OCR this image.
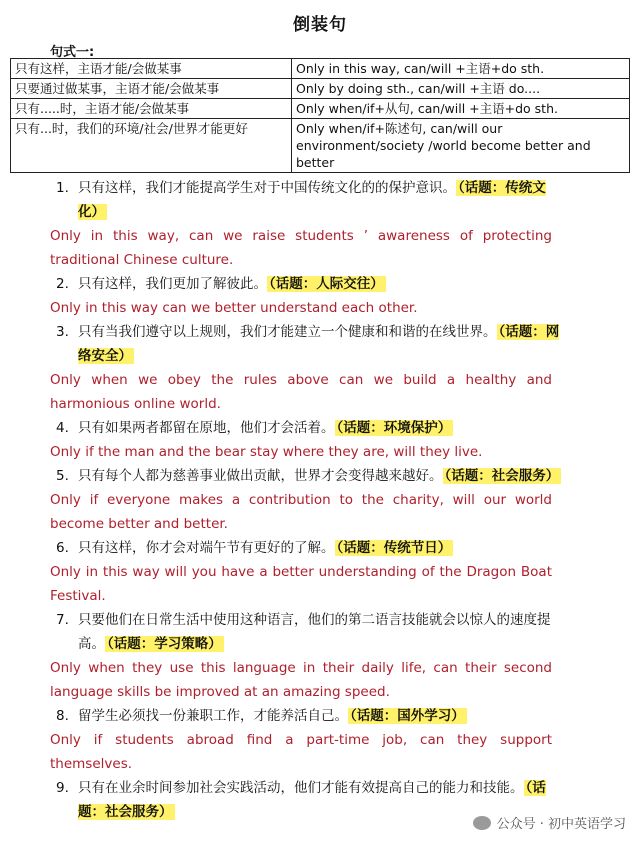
倒装句
句式一:
只有这样，主语才能/会做某事	Only in this way, can/will +主语+do sth.
只要通过做某事，主语才能/会做某事	Only by doing sth., can/will +主语 do....
只有.....时，主语才能/会做某事	Only when/if+从句, can/will +主语+do sth.
只有...时，我们的环境/社会/世界才能更好	Only when/if+陈述句, can/will our environment/society /world become better and better
1. 只有这样，我们才能提高学生对于中国传统文化的的保护意识。 （话题：传统文化）
Only in this way, can we raise students ’ awareness of protecting traditional Chinese culture.
2. 只有这样，我们更加了解彼此。 （话题：人际交往）
Only in this way can we better understand each other.
3. 只有当我们遵守以上规则，我们才能建立一个健康和和谐的在线世界。 （话题：网络安全）
Only when we obey the rules above can we build a healthy and harmonious online world.
4. 只有如果两者都留在原地，他们才会活着。 （话题：环境保护）
Only if the man and the bear stay where they are, will they live.
5. 只有每个人都为慈善事业做出贡献，世界才会变得越来越好。 （话题：社会服务）
Only if everyone makes a contribution to the charity, will our world become better and better.
6. 只有这样，你才会对端午节有更好的了解。 （话题：传统节日）
Only in this way will you have a better understanding of the Dragon Boat Festival.
7. 只要他们在日常生活中使用这种语言，他们的第二语言技能就会以惊人的速度提高。 （话题：学习策略）
Only when they use this language in their daily life, can their second language skills be improved at an amazing speed.
8. 留学生必须找一份兼职工作，才能养活自己。 （话题：国外学习）
Only if students abroad find a part-time job, can they support themselves.
9. 只有在业余时间参加社会实践活动，他们才能有效提高自己的能力和技能。 （话题：社会服务）
公众号 · 初中英语学习
